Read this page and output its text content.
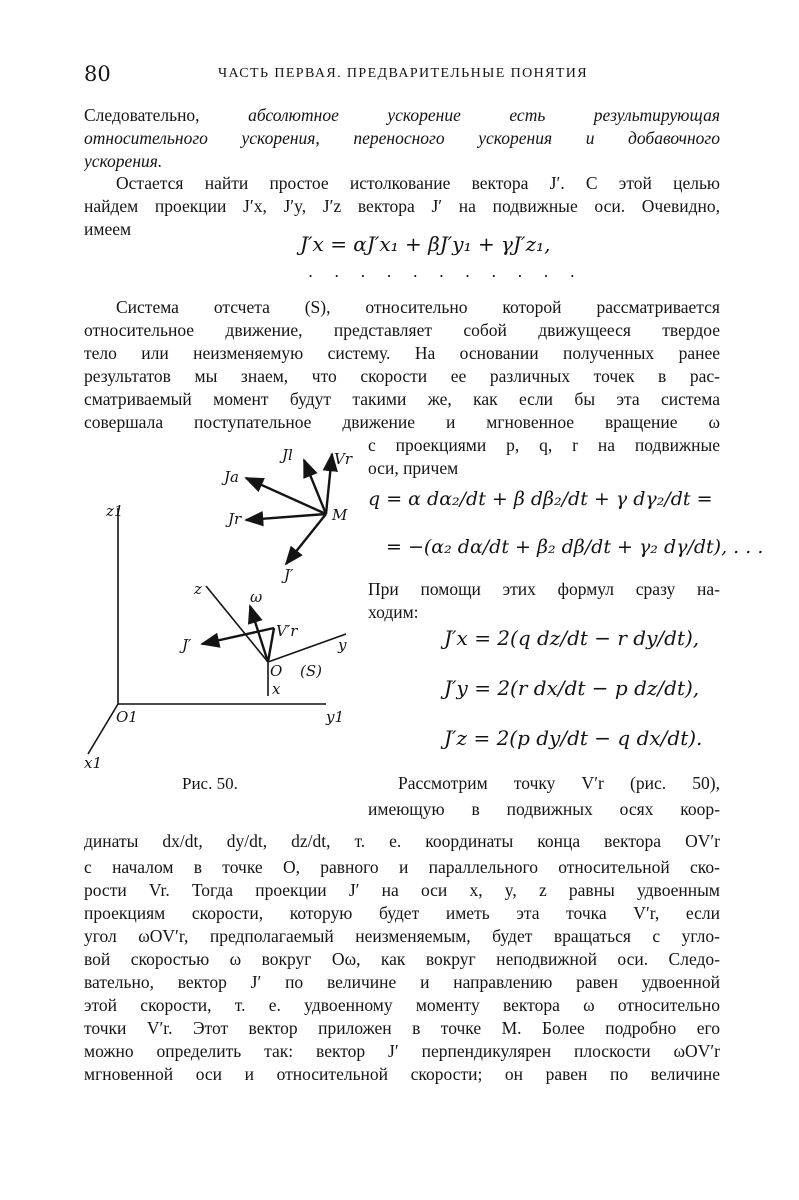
80	ЧАСТЬ ПЕРВАЯ. ПРЕДВАРИТЕЛЬНЫЕ ПОНЯТИЯ
Следовательно,	абсолютное ускорение есть результирующая
относительного ускорения, переносного ускорения и добавочного
ускорения.
Остается найти простое истолкование вектора J′. С этой целью
найдем проекции J′x, J′y, J′z вектора J′ на подвижные оси. Очевидно,
имеем
J′x = αJ′x₁ + βJ′y₁ + γJ′z₁,
. . . . . . . . . . .
Система отсчета (S), относительно которой рассматривается
относительное движение, представляет собой движущееся твердое
тело или неизменяемую систему. На основании полученных ранее
результатов мы знаем, что скорости ее различных точек в рас-
сматриваемый момент будут такими же, как если бы эта система
совершала поступательное движение и мгновенное вращение ω
с проекциями p, q, r на подвижные
оси, причем
q = α dα₂/dt + β dβ₂/dt + γ dγ₂/dt =
= −(α₂ dα/dt + β₂ dβ/dt + γ₂ dγ/dt), . . .
При помощи этих формул сразу на-
ходим:
J′x = 2(q dz/dt − r dy/dt),
J′y = 2(r dx/dt − p dz/dt),
J′z = 2(p dy/dt − q dx/dt).
Jl	Vr
Ja
Jr	M
J′
z1
z	ω
V′r
J′	y
O (S)
x
O1	y1
x1
Рис. 50.	Рассмотрим точку V′r (рис. 50),
имеющую в подвижных осях коор-
динаты dx/dt, dy/dt, dz/dt, т. е. координаты конца вектора OV′r
с началом в точке O, равного и параллельного относительной ско-
рости Vr. Тогда проекции J′ на оси x, y, z равны удвоенным
проекциям скорости, которую будет иметь эта точка V′r, если
угол ωOV′r, предполагаемый неизменяемым, будет вращаться с угло-
вой скоростью ω вокруг Oω, как вокруг неподвижной оси. Следо-
вательно, вектор J′ по величине и направлению равен удвоенной
этой скорости, т. е. удвоенному моменту вектора ω относительно
точки V′r. Этот вектор приложен в точке M. Более подробно его
можно определить так: вектор J′ перпендикулярен плоскости ωOV′r
мгновенной оси и относительной скорости; он равен по величине
